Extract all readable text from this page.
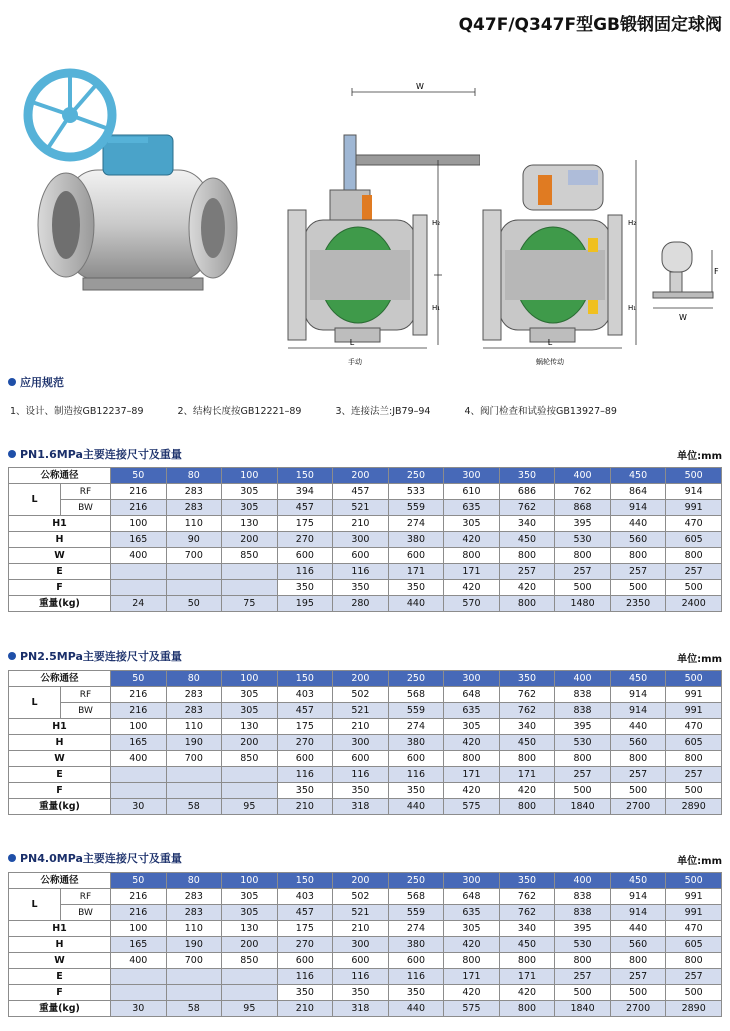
Q47F/Q347F型GB锻钢固定球阀
W
H₂
H₁
L
手动
H₂
H₁
L
蜗轮传动
F
W
应用规范
1、设计、制造按GB12237–89	2、结构长度按GB12221–89	3、连接法兰:JB79–94	4、阀门检查和试验按GB13927–89
PN1.6MPa主要连接尺寸及重量	单位:mm
PN2.5MPa主要连接尺寸及重量	单位:mm
PN4.0MPa主要连接尺寸及重量	单位:mm
公称通径		50	80	100	150	200	250	300	350	400	450	500
L	RF	216	283	305	394	457	533	610	686	762	864	914
	BW	216	283	305	457	521	559	635	762	868	914	991
H1		100	110	130	175	210	274	305	340	395	440	470
H		165	90	200	270	300	380	420	450	530	560	605
W		400	700	850	600	600	600	800	800	800	800	800
E					116	116	171	171	257	257	257	257
F					350	350	350	420	420	500	500	500
重量(kg)		24	50	75	195	280	440	570	800	1480	2350	2400
公称通径		50	80	100	150	200	250	300	350	400	450	500
L	RF	216	283	305	403	502	568	648	762	838	914	991
	BW	216	283	305	457	521	559	635	762	838	914	991
H1		100	110	130	175	210	274	305	340	395	440	470
H		165	190	200	270	300	380	420	450	530	560	605
W		400	700	850	600	600	600	800	800	800	800	800
E					116	116	116	171	171	257	257	257
F					350	350	350	420	420	500	500	500
重量(kg)		30	58	95	210	318	440	575	800	1840	2700	2890
公称通径		50	80	100	150	200	250	300	350	400	450	500
L	RF	216	283	305	403	502	568	648	762	838	914	991
	BW	216	283	305	457	521	559	635	762	838	914	991
H1		100	110	130	175	210	274	305	340	395	440	470
H		165	190	200	270	300	380	420	450	530	560	605
W		400	700	850	600	600	600	800	800	800	800	800
E					116	116	116	171	171	257	257	257
F					350	350	350	420	420	500	500	500
重量(kg)		30	58	95	210	318	440	575	800	1840	2700	2890
